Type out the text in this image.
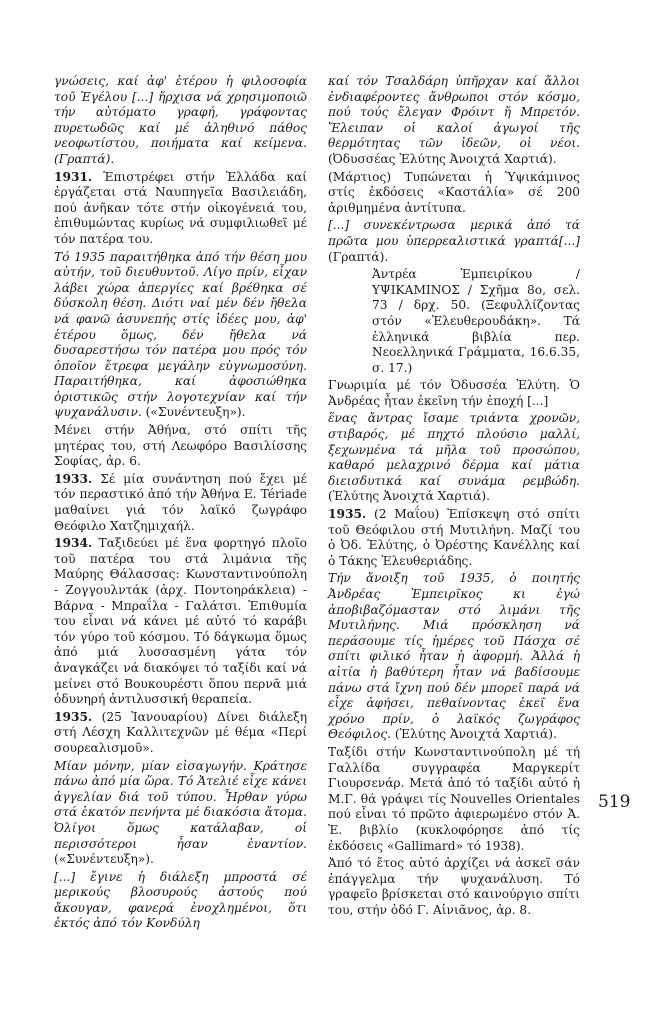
γνώσεις, καί ἀφ' ἑτέρου ἡ φιλοσοφία τοῦ Ἐγέλου [...] ἤρχισα νά χρησιμοποιῶ τήν αὐτόματο γραφή, γράφοντας πυρετωδῶς καί μέ ἀληθινό πάθος νεοφωτίστου, ποιήματα καί κείμενα. (Γραπτά).

1931. Ἐπιστρέφει στήν Ἑλλάδα καί ἐργάζεται στά Ναυπηγεῖα Βασιλειάδη, πού ἀνῆκαν τότε στήν οἰκογένειά του, ἐπιθυμώντας κυρίως νά συμφιλιωθεῖ μέ τόν πατέρα του.

Τό 1935 παραιτήθηκα ἀπό τήν θέση μου αὐτήν, τοῦ διευθυντοῦ. Λίγο πρίν, εἶχαν λάβει χώρα ἀπεργίες καί βρέθηκα σέ δύσκολη θέση. Διότι ναί μέν δέν ἤθελα νά φανῶ ἀσυνεπής στίς ἰδέες μου, ἀφ' ἑτέρου ὅμως, δέν ἤθελα νά δυσαρεστήσω τόν πατέρα μου πρός τόν ὁποῖον ἔτρεφα μεγάλην εὐγνωμοσύνη. Παραιτήθηκα, καί ἀφοσιώθηκα ὁριστικῶς στήν λογοτεχνίαν καί τήν ψυχανάλυσιν. («Συνέντευξη»).

Μένει στήν Ἀθήνα, στό σπίτι τῆς μητέρας του, στή Λεωφόρο Βασιλίσσης Σοφίας, ἀρ. 6.

1933. Σέ μία συνάντηση πού ἔχει μέ τόν περαστικό ἀπό τήν Ἀθήνα E. Tériade μαθαίνει γιά τόν λαϊκό ζωγράφο Θεόφιλο Χατζημιχαήλ.

1934. Ταξιδεύει μέ ἕνα φορτηγό πλοῖο τοῦ πατέρα του στά λιμάνια τῆς Μαύρης Θάλασσας: Κωνσταντινούπολη - Ζογγουλντάκ (ἀρχ. Ποντοηράκλεια) - Βάρνα - Μπραΐλα - Γαλάτσι. Ἐπιθυμία του εἶναι νά κάνει μέ αὐτό τό καράβι τόν γύρο τοῦ κόσμου. Τό δάγκωμα ὅμως ἀπό μιά λυσσασμένη γάτα τόν ἀναγκάζει νά διακόψει τό ταξίδι καί νά μείνει στό Βουκουρέστι ὅπου περνᾶ μιά ὀδυνηρή ἀντιλυσσική θεραπεία.

1935. (25 Ἰανουαρίου) Δίνει διάλεξη στή Λέσχη Καλλιτεχνῶν μέ θέμα «Περί σουρεαλισμοῦ».

Μίαν μόνην, μίαν εἰσαγωγήν. Κράτησε πάνω ἀπό μία ὥρα. Τό Ἀτελιέ εἶχε κάνει ἀγγελίαν διά τοῦ τύπου. Ἦρθαν γύρω στά ἑκατόν πενήντα μέ διακόσια ἄτομα. Ὀλίγοι ὅμως κατάλαβαν, οἱ περισσότεροι ἦσαν ἐναντίον. («Συνέντευξη»).

[...] ἔγινε ἡ διάλεξη μπροστά σέ μερικούς βλοσυρούς ἀστούς πού ἄκουγαν, φανερά ἐνοχλημένοι, ὅτι ἐκτός ἀπό τόν Κονδύλη

καί τόν Τσαλδάρη ὑπῆρχαν καί ἄλλοι ἐνδιαφέροντες ἄνθρωποι στόν κόσμο, πού τούς ἔλεγαν Φρόιντ ἤ Μπρετόν. Ἔλειπαν οἱ καλοί ἀγωγοί τῆς θερμότητας τῶν ἰδεῶν, οἱ νέοι. (Ὀδυσσέας Ἐλύτης Ἀνοιχτά Χαρτιά).

(Μάρτιος) Τυπώνεται ἡ Ὑψικάμινος στίς ἐκδόσεις «Καστάλία» σέ 200 ἀριθμημένα ἀντίτυπα.

[...] συνεκέντρωσα μερικά ἀπό τά πρῶτα μου ὑπερρεαλιστικά γραπτά[...] (Γραπτά).

Ἀντρέα Ἐμπειρίκου / ΥΨΙΚΑΜΙΝΟΣ / Σχῆμα 8ο, σελ. 73 / δρχ. 50. (Ξεφυλλίζοντας στόν «Ἐλευθερουδάκη». Τά ἑλληνικά βιβλία περ. Νεοελληνικά Γράμματα, 16.6.35, σ. 17.)

Γνωριμία μέ τόν Ὀδυσσέα Ἐλύτη. Ὁ Ἀνδρέας ἦταν ἐκεῖνη τήν ἐποχή [...]

ἕνας ἄντρας ἴσαμε τριάντα χρονῶν, στιβαρός, μέ πηχτό πλούσιο μαλλί, ξεχωνμένα τά μῆλα τοῦ προσώπου, καθαρό μελαχρινό δέρμα καί μάτια διεισδυτικά καί συνάμα ρεμβώδη. (Ἐλύτης Ἀνοιχτά Χαρτιά).

1935. (2 Μαΐου) Ἐπίσκεψη στό σπίτι τοῦ Θεόφιλου στή Μυτιλήνη. Μαζί του ὁ Ὀδ. Ἐλύτης, ὁ Ὀρέστης Κανέλλης καί ὁ Τάκης Ἐλευθεριάδης.

Τήν ἄνοιξη τοῦ 1935, ὁ ποιητής Ἀνδρέας Ἐμπειρῖκος κι ἐγώ ἀποβιβαζόμασταν στό λιμάνι τῆς Μυτιλήνης. Μιά πρόσκληση νά περάσουμε τίς ἡμέρες τοῦ Πάσχα σέ σπίτι φιλικό ἦταν ἡ ἀφορμή. Ἀλλά ἡ αἰτία ἡ βαθύτερη ἦταν νά βαδίσουμε πάνω στά ἴχνη πού δέν μπορεῖ παρά νά εἶχε ἀφήσει, πεθαίνοντας ἐκεῖ ἕνα χρόνο πρίν, ὁ λαϊκός ζωγράφος Θεόφιλος. (Ἐλύτης Ἀνοιχτά Χαρτιά).

Ταξίδι στήν Κωνσταντινούπολη μέ τή Γαλλίδα συγγραφέα Μαργκερίτ Γιουρσενάρ. Μετά ἀπό τό ταξίδι αὐτό ἡ Μ.Γ. θά γράψει τίς Nouvelles Orientales πού εἶναι τό πρῶτο ἀφιερωμένο στόν Ἀ. Ἐ. βιβλίο (κυκλοφόρησε ἀπό τίς ἐκδόσεις «Gallimard» τό 1938).

Ἀπό τό ἔτος αὐτό ἀρχίζει νά ἀσκεῖ σάν ἐπάγγελμα τήν ψυχανάλυση. Τό γραφεῖο βρίσκεται στό καινούργιο σπίτι του, στήν ὁδό Γ. Αἰνιᾶνος, ἀρ. 8.

519
